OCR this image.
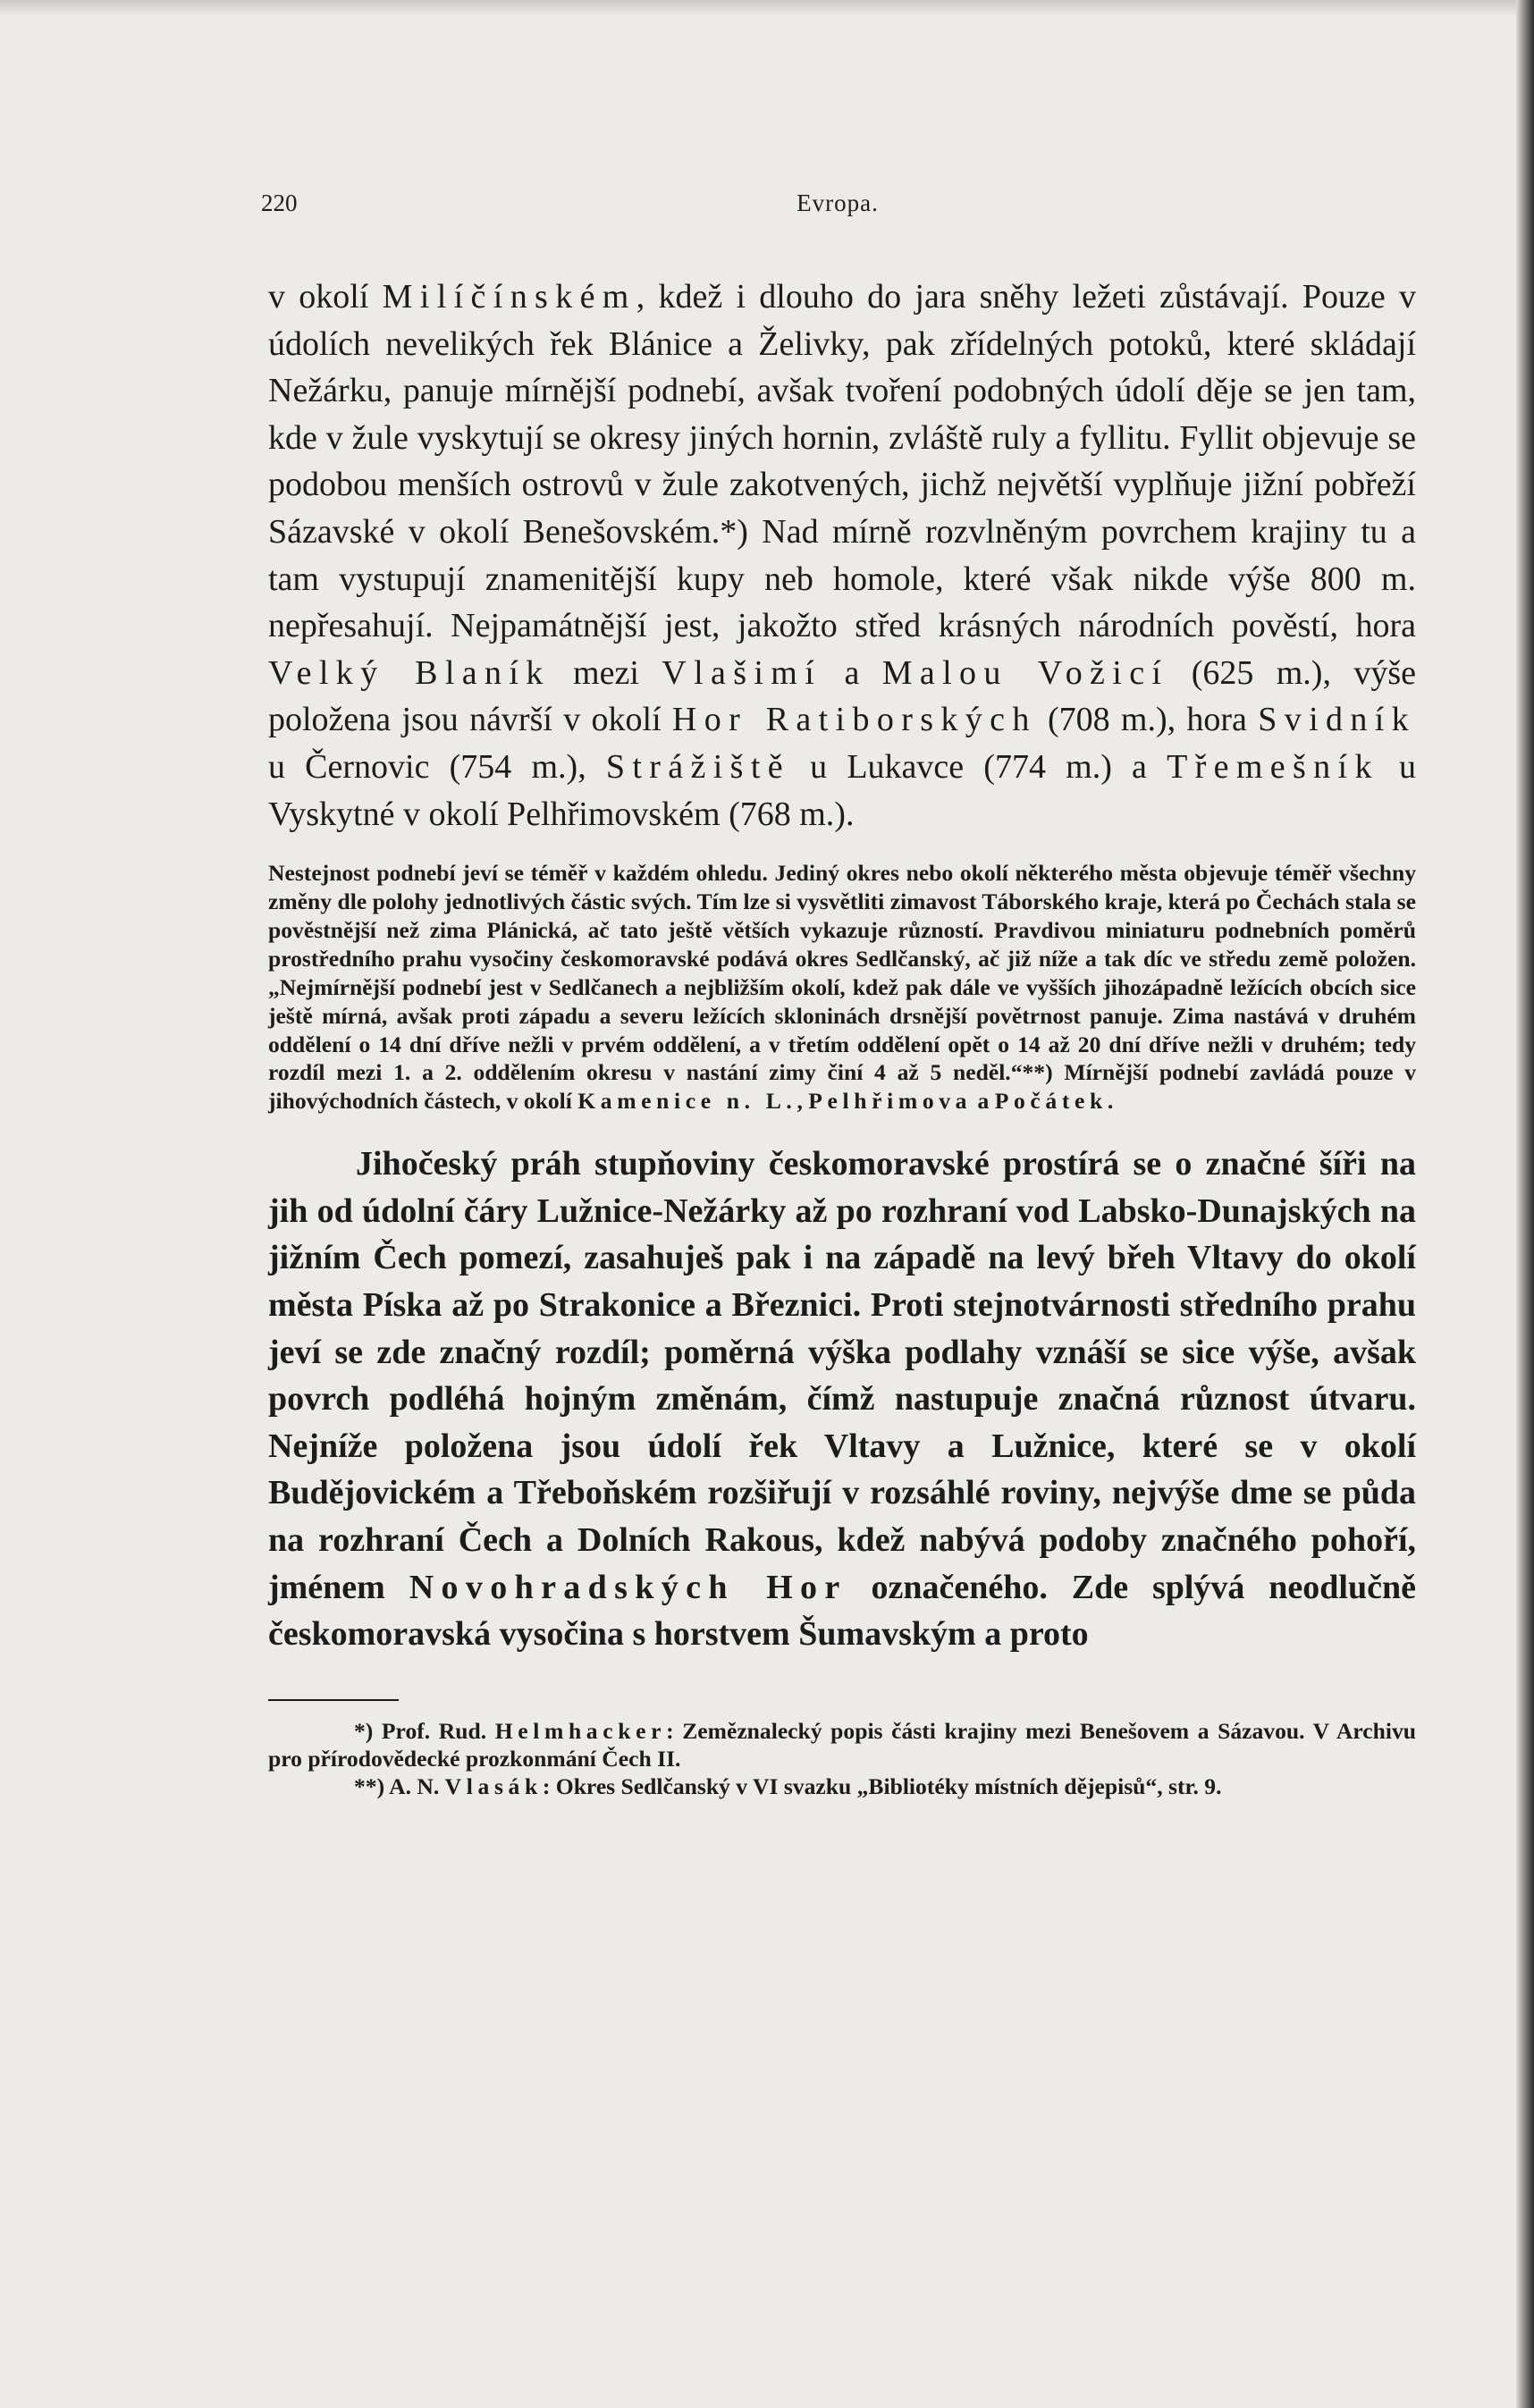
220	Evropa.

v okolí Milíčínském, kdež i dlouho do jara sněhy ležeti zůstávají. Pouze v údolích nevelikých řek Blánice a Želivky, pak zřídelných potoků, které skládají Nežárku, panuje mírnější podnebí, avšak tvoření podobných údolí děje se jen tam, kde v žule vyskytují se okresy jiných hornin, zvláště ruly a fyllitu. Fyllit objevuje se podobou menších ostrovů v žule zakotvených, jichž největší vyplňuje jižní pobřeží Sázavské v okolí Benešovském.*) Nad mírně rozvlněným povrchem krajiny tu a tam vystupují znamenitější kupy neb homole, které však nikde výše 800 m. nepřesahují. Nejpamátnější jest, jakožto střed krásných národních pověstí, hora Velký Blaník mezi Vlašimí a Malou Vožicí (625 m.), výše položena jsou návrší v okolí Hor Ratiborských (708 m.), hora Svidník u Černovic (754 m.), Strážiště u Lukavce (774 m.) a Třemešník u Vyskytné v okolí Pelhřimovském (768 m.).

Nestejnost podnebí jeví se téměř v každém ohledu. Jediný okres nebo okolí některého města objevuje téměř všechny změny dle polohy jednotlivých částic svých. Tím lze si vysvětliti zimavost Táborského kraje, která po Čechách stala se pověstnější než zima Plánická, ač tato ještě větších vykazuje růzností. Pravdivou miniaturu podnebních poměrů prostředního prahu vysočiny českomoravské podává okres Sedlčanský, ač již níže a tak díc ve středu země položen. „Nejmírnější podnebí jest v Sedlčanech a nejbližším okolí, kdež pak dále ve vyšších jihozápadně ležících obcích sice ještě mírná, avšak proti západu a severu ležících skloninách drsnější povětrnost panuje. Zima nastává v druhém oddělení o 14 dní dříve nežli v prvém oddělení, a v třetím oddělení opět o 14 až 20 dní dříve nežli v druhém; tedy rozdíl mezi 1. a 2. oddělením okresu v nastání zimy činí 4 až 5 neděl.“**) Mírnější podnebí zavládá pouze v jihovýchodních částech, v okolí Kamenice n. L., Pelhřimova a Počátek.

Jihočeský práh stupňoviny českomoravské prostírá se o značné šíři na jih od údolní čáry Lužnice-Nežárky až po rozhraní vod Labsko-Dunajských na jižním Čech pomezí, zasahuješ pak i na západě na levý břeh Vltavy do okolí města Píska až po Strakonice a Březnici. Proti stejnotvárnosti středního prahu jeví se zde značný rozdíl; poměrná výška podlahy vznáší se sice výše, avšak povrch podléhá hojným změnám, čímž nastupuje značná různost útvaru. Nejníže položena jsou údolí řek Vltavy a Lužnice, které se v okolí Budějovickém a Třeboňském rozšiřují v rozsáhlé roviny, nejvýše dme se půda na rozhraní Čech a Dolních Rakous, kdež nabývá podoby značného pohoří, jménem Novohradských Hor označeného. Zde splývá neodlučně českomoravská vysočina s horstvem Šumavským a proto

*) Prof. Rud. Helmhacker: Zeměznalecký popis části krajiny mezi Benešovem a Sázavou. V Archivu pro přírodovědecké prozkonmání Čech II.

**) A. N. Vlasák: Okres Sedlčanský v VI svazku „Bibliotéky místních dějepisů“, str. 9.
